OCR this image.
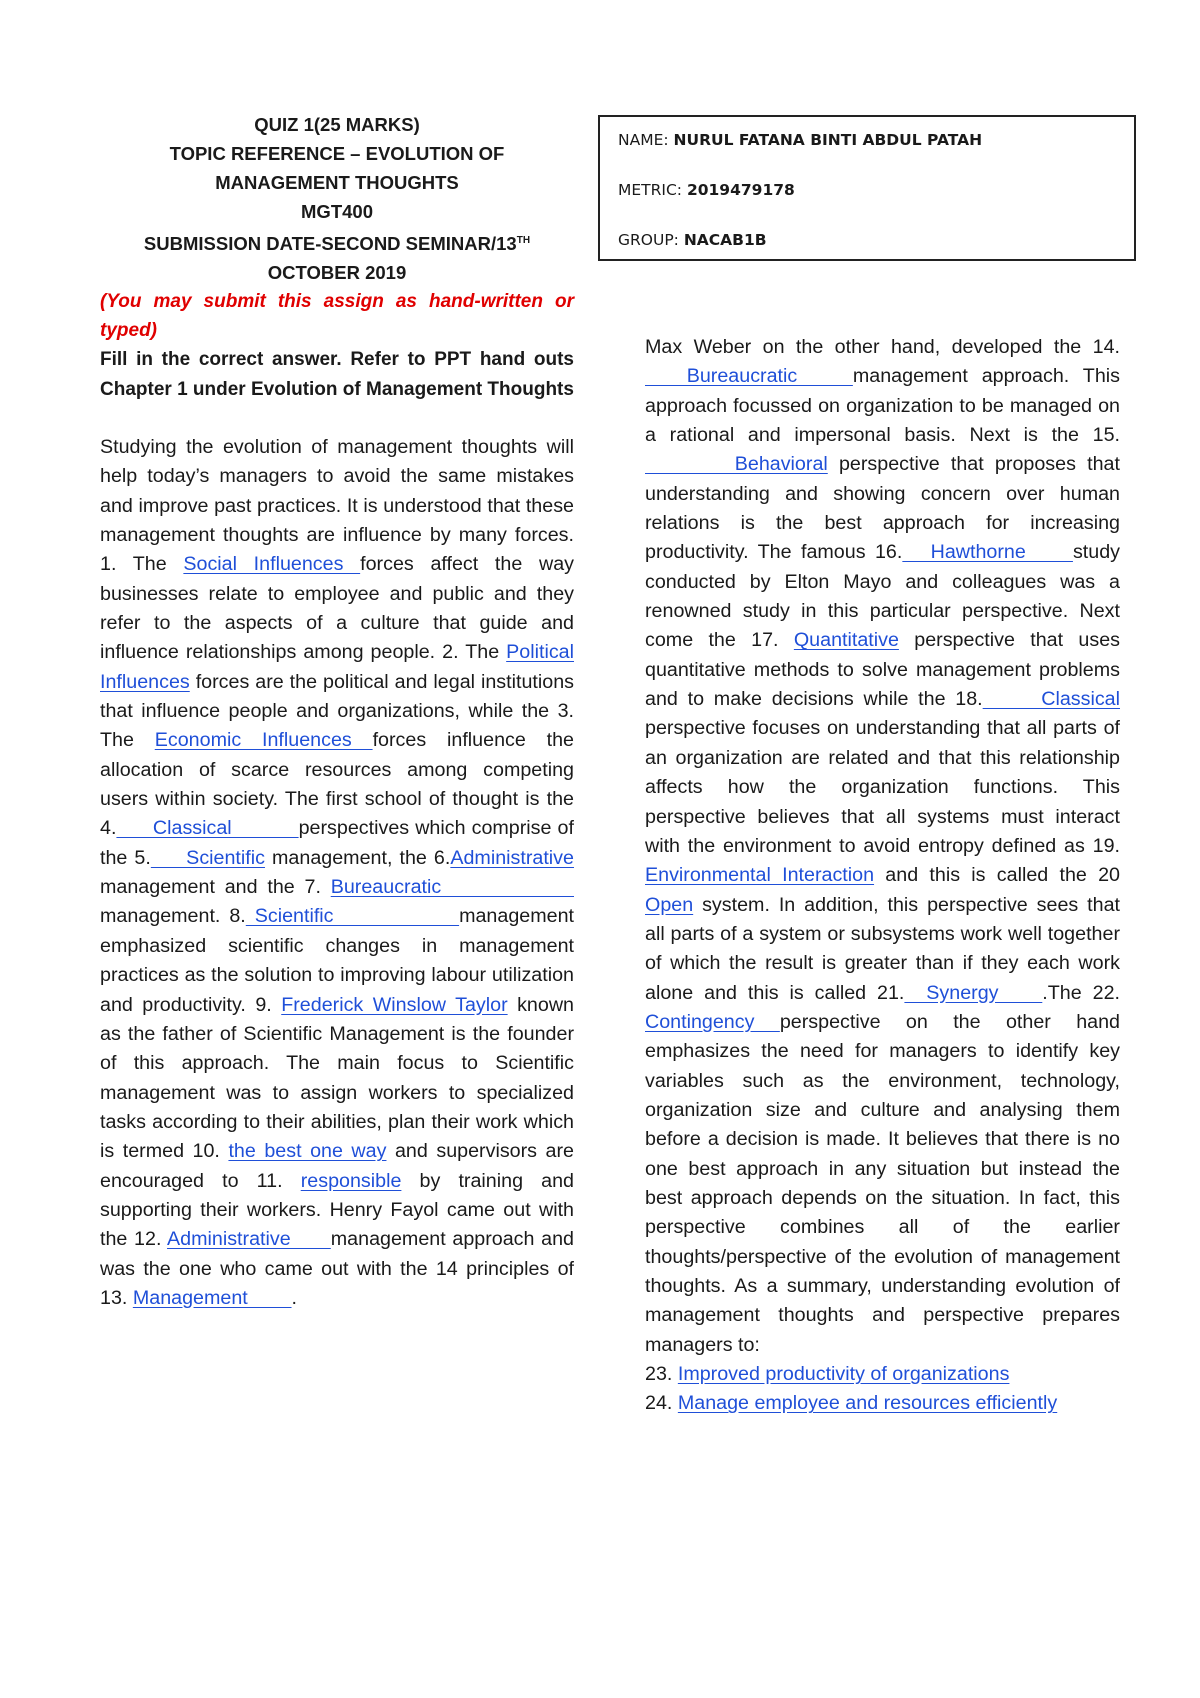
QUIZ 1(25 MARKS)
TOPIC REFERENCE – EVOLUTION OF
MANAGEMENT THOUGHTS
MGT400
SUBMISSION DATE-SECOND SEMINAR/13TH
OCTOBER 2019
(You may submit this assign as hand-written or typed)
Fill in the correct answer. Refer to PPT hand outs Chapter 1 under Evolution of Management Thoughts

Studying the evolution of management thoughts will help today’s managers to avoid the same mistakes and improve past practices. It is understood that these management thoughts are influence by many forces. 1. The Social Influences forces affect the way businesses relate to employee and public and they refer to the aspects of a culture that guide and influence relationships among people. 2. The Political Influences forces are the political and legal institutions that influence people and organizations, while the 3. The Economic Influences forces influence the allocation of scarce resources among competing users within society. The first school of thought is the 4.      Classical           perspectives which comprise of the 5.     Scientific management, the 6.Administrative management and the 7. Bureaucratic               management. 8. Scientific              management emphasized scientific changes in management practices as the solution to improving labour utilization and productivity. 9. Frederick Winslow Taylor known as the father of Scientific Management is the founder of this approach. The main focus to Scientific management was to assign workers to specialized tasks according to their abilities, plan their work which is termed 10. the best one way and supervisors are encouraged to 11. responsible by training and supporting their workers. Henry Fayol came out with the 12. Administrative      management approach and was the one who came out with the 14 principles of 13. Management        .

NAME: NURUL FATANA BINTI ABDUL PATAH
METRIC: 2019479178
GROUP: NACAB1B

Max Weber on the other hand, developed the 14.   Bureaucratic    management approach. This approach focussed on organization to be managed on a rational and impersonal basis. Next is the 15.        Behavioral perspective that proposes that understanding and showing concern over human relations is the best approach for increasing productivity. The famous 16.   Hawthorne     study conducted by Elton Mayo and colleagues was a renowned study in this particular perspective. Next come the 17. Quantitative perspective that uses quantitative methods to solve management problems and to make decisions while the 18.      Classical perspective focuses on understanding that all parts of an organization are related and that this relationship affects how the organization functions. This perspective believes that all systems must interact with the environment to avoid entropy defined as 19. Environmental Interaction and this is called the 20 Open system. In addition, this perspective sees that all parts of a system or subsystems work well together of which the result is greater than if they each work alone and this is called 21.  Synergy    .The 22. Contingency perspective on the other hand emphasizes the need for managers to identify key variables such as the environment, technology, organization size and culture and analysing them before a decision is made. It believes that there is no one best approach in any situation but instead the best approach depends on the situation. In fact, this perspective combines all of the earlier thoughts/perspective of the evolution of management thoughts. As a summary, understanding evolution of management thoughts and perspective prepares managers to:

23. Improved productivity of organizations
24. Manage employee and resources efficiently
